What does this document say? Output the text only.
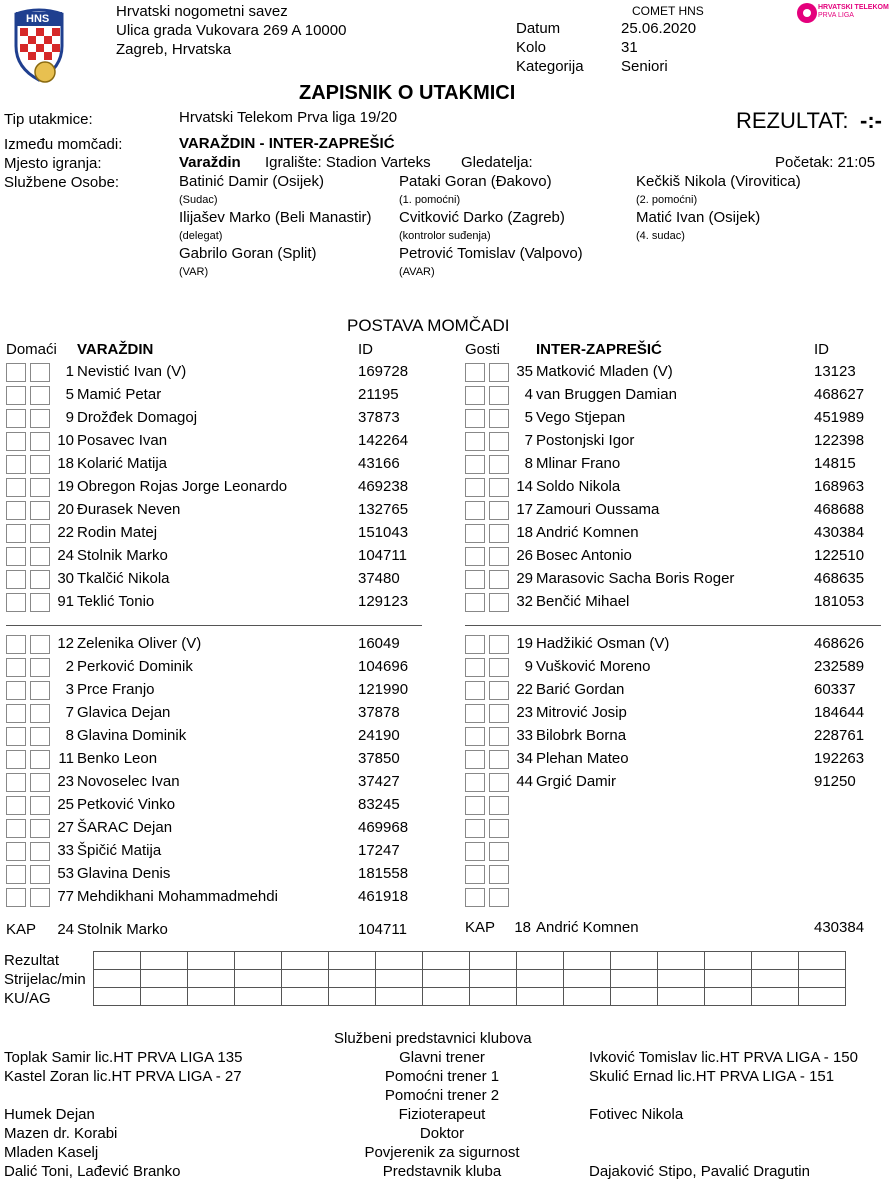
HNS	Hrvatski nogometni savez
Ulica grada Vukovara 269 A 10000
Zagreb, Hrvatska
COMET HNS
Datum	25.06.2020
Kolo	31
Kategorija Seniori
HRVATSKI TELEKOM
PRVA LIGA
ZAPISNIK O UTAKMICI
Tip utakmice:	Hrvatski Telekom Prva liga 19/20	REZULTAT: -:-
Između momčadi:	VARAŽDIN - INTER-ZAPREŠIĆ
Mjesto igranja:	Varaždin Igralište: Stadion Varteks Gledatelja:	Početak: 21:05
Službene Osobe:	Batinić Damir (Osijek)
(Sudac)
Pataki Goran (Đakovo)
(1. pomoćni)
Kečkiš Nikola (Virovitica)
(2. pomoćni)
Ilijašev Marko (Beli Manastir)
(delegat)
Cvitković Darko (Zagreb)
(kontrolor suđenja)
Matić Ivan (Osijek)
(4. sudac)
Gabrilo Goran (Split)
(VAR)
Petrović Tomislav (Valpovo)
(AVAR)
POSTAVA MOMČADI
Domaći VARAŽDIN	ID	Gosti INTER-ZAPREŠIĆ	ID
1 Nevistić Ivan (V)	169728
5 Mamić Petar	21195
9 Drožđek Domagoj	37873
10 Posavec Ivan	142264
18 Kolarić Matija	43166
19 Obregon Rojas Jorge Leonardo	469238
20 Đurasek Neven	132765
22 Rodin Matej	151043
24 Stolnik Marko	104711
30 Tkalčić Nikola	37480
91 Teklić Tonio	129123
12 Zelenika Oliver (V)	16049
2 Perković Dominik	104696
3 Prce Franjo	121990
7 Glavica Dejan	37878
8 Glavina Dominik	24190
11 Benko Leon	37850
23 Novoselec Ivan	37427
25 Petković Vinko	83245
27 ŠARAC Dejan	469968
33 Špičić Matija	17247
53 Glavina Denis	181558
77 Mehdikhani Mohammadmehdi	461918
35 Matković Mladen (V)	13123
4 van Bruggen Damian	468627
5 Vego Stjepan	451989
7 Postonjski Igor	122398
8 Mlinar Frano	14815
14 Soldo Nikola	168963
17 Zamouri Oussama	468688
18 Andrić Komnen	430384
26 Bosec Antonio	122510
29 Marasovic Sacha Boris Roger	468635
32 Benčić Mihael	181053
19 Hadžikić Osman (V)	468626
9 Vušković Moreno	232589
22 Barić Gordan	60337
23 Mitrović Josip	184644
33 Bilobrk Borna	228761
34 Plehan Mateo	192263
44 Grgić Damir	91250
KAP	24 Stolnik Marko	104711	KAP	18 Andrić Komnen	430384
Rezultat
Strijelac/min
KU/AG

Službeni predstavnici klubova
Toplak Samir lic.HT PRVA LIGA 135	Glavni trener	Ivković Tomislav lic.HT PRVA LIGA - 150
Kastel Zoran lic.HT PRVA LIGA - 27	Pomoćni trener 1	Skulić Ernad lic.HT PRVA LIGA - 151
Pomoćni trener 2
Humek Dejan	Fizioterapeut	Fotivec Nikola
Mazen dr. Korabi	Doktor
Mladen Kaselj	Povjerenik za sigurnost
Dalić Toni, Lađević Branko	Predstavnik kluba	Dajaković Stipo, Pavalić Dragutin
